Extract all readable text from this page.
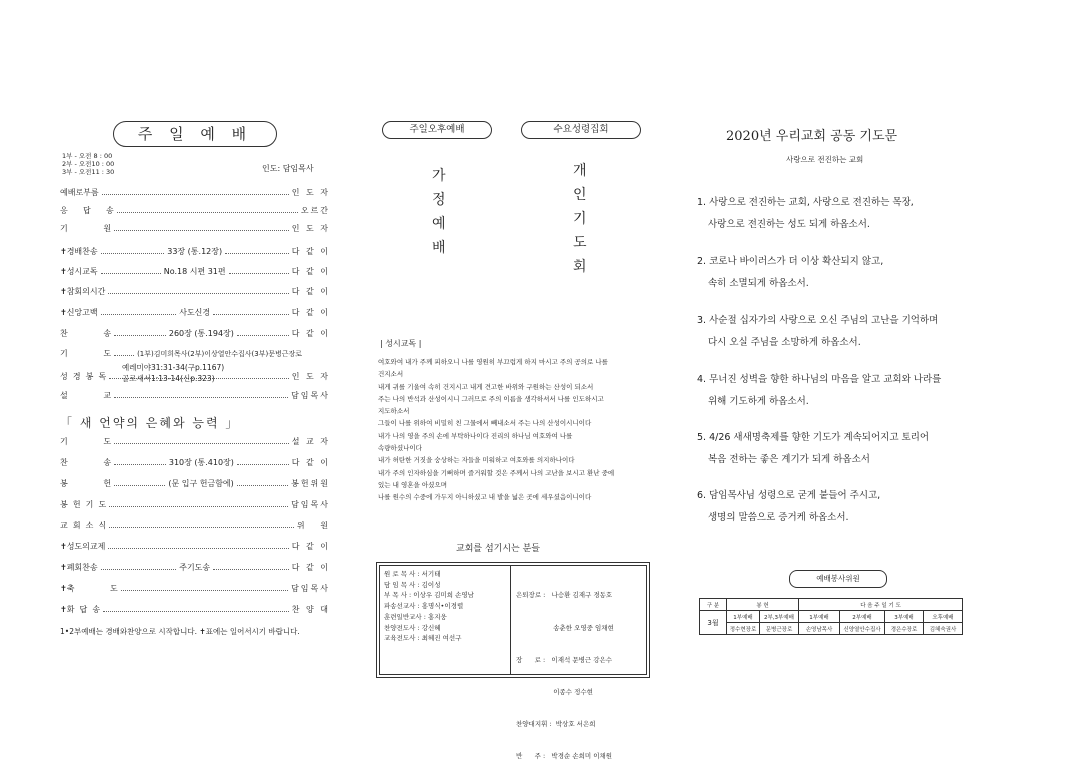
주 일 예 배
1부 - 오전 8 : 00
2부 - 오전10 : 00
3부 - 오전11 : 30	인도: 담임목사
예배로부름	인 도 자
응      답      송	오르간
기              원	인 도 자
✝경배찬송	33장 (통.12장)	다 같 이
✝성시교독	No.18 시편 31편	다 같 이
✝참회의시간	다 같 이
✝신앙고백	사도신경	다 같 이
찬              송	260장 (통.194장)	다 같 이
기              도	(1부)김미희목사(2부)이상열안수집사(3부)문병근장로
성  경  봉  독	인 도 자
설              교	담임목사
예레미야31:31-34(구p.1167)
골로새서1:13-14(신p.323)
「 새 언약의 은혜와 능력 」
기              도	설 교 자
찬              송	310장 (통.410장)	다 같 이
봉              헌	(문 입구 헌금함에)	봉헌위원
봉  헌  기  도	담임목사
교  회  소  식	위   원
✝성도의교제	다 같 이
✝폐회찬송	주기도송	다 같 이
✝축              도	담임목사
✝화  답  송	찬 양 대
1•2부예배는 경배와찬양으로 시작합니다. ✝표에는 일어서시기 바랍니다.
주일오후예배	수요성령집회
가
정
예
배
개
인
기
도
회
| 성시교독 |

여호와여 내가 주께 피하오니 나를 영원히 부끄럽게 하지 마시고 주의 공의로 나를

건지소서

내게 귀를 기울여 속히 건지시고 내게 견고한 바위와 구원하는 산성이 되소서

주는 나의 반석과 산성이시니 그러므로 주의 이름을 생각하셔서 나를 인도하시고

지도하소서

그들이 나를 위하여 비밀히 친 그물에서 빼내소서 주는 나의 산성이시니이다

내가 나의 영을 주의 손에 부탁하나이다 진리의 하나님 여호와여 나를

속량하셨나이다

내가 허탄한 거짓을 숭상하는 자들을 미워하고 여호와를 의지하나이다

내가 주의 인자하심을 기뻐하며 즐거워할 것은 주께서 나의 고난을 보시고 환난 중에

있는 내 영혼을 아셨으며

나를 원수의 수중에 가두지 아니하셨고 내 발을 넓은 곳에 세우셨음이니이다

교회를 섬기시는 분들
원 로 목 사 : 서기태
담 임 목 사 : 김이성
부 목 사 : 이상우 김미희 손영남
파송선교사 : 홍명식•이경렬
훈련일반교사 : 홍지웅
찬양전도사 : 강신혜
교육전도사 : 최혜진 여선구

은퇴장로 :   나승환 김재구 경동호

송춘한 오영중 임채현

장      로 :   이재석 문병근 강은수

이종수 정수현

찬양대지휘 :  박상호 서은희

반      주 :   박경순 손희미 이채원

2020년 우리교회 공동 기도문
사랑으로 전진하는 교회
1. 사랑으로 전진하는 교회, 사랑으로 전진하는 목장,
사랑으로 전진하는 성도 되게 하옵소서.
2. 코로나 바이러스가 더 이상 확산되지 않고,
속히 소멸되게 하옵소서.
3. 사순절 십자가의 사랑으로 오신 주님의 고난을 기억하며
다시 오실 주님을 소망하게 하옵소서.
4. 무너진 성벽을 향한 하나님의 마음을 알고 교회와 나라를
위해 기도하게 하옵소서.
5. 4/26 새새명축제를 향한 기도가 계속되어지고 토리어
복음 전하는 좋은 계기가 되게 하옵소서
6. 담임목사님 성령으로 굳게 붙들어 주시고,
생명의 말씀으로 증거케 하옵소서.
예배봉사위원
구 분	봉 헌		다 음 주 일 기 도			
3월	1부예배	2부,3부예배	1부예배	2부예배	3부예배	오후예배
	정수현장로	문병근장로	손영남목사	신양열안수집사	경은수장로	김혜숙권사
